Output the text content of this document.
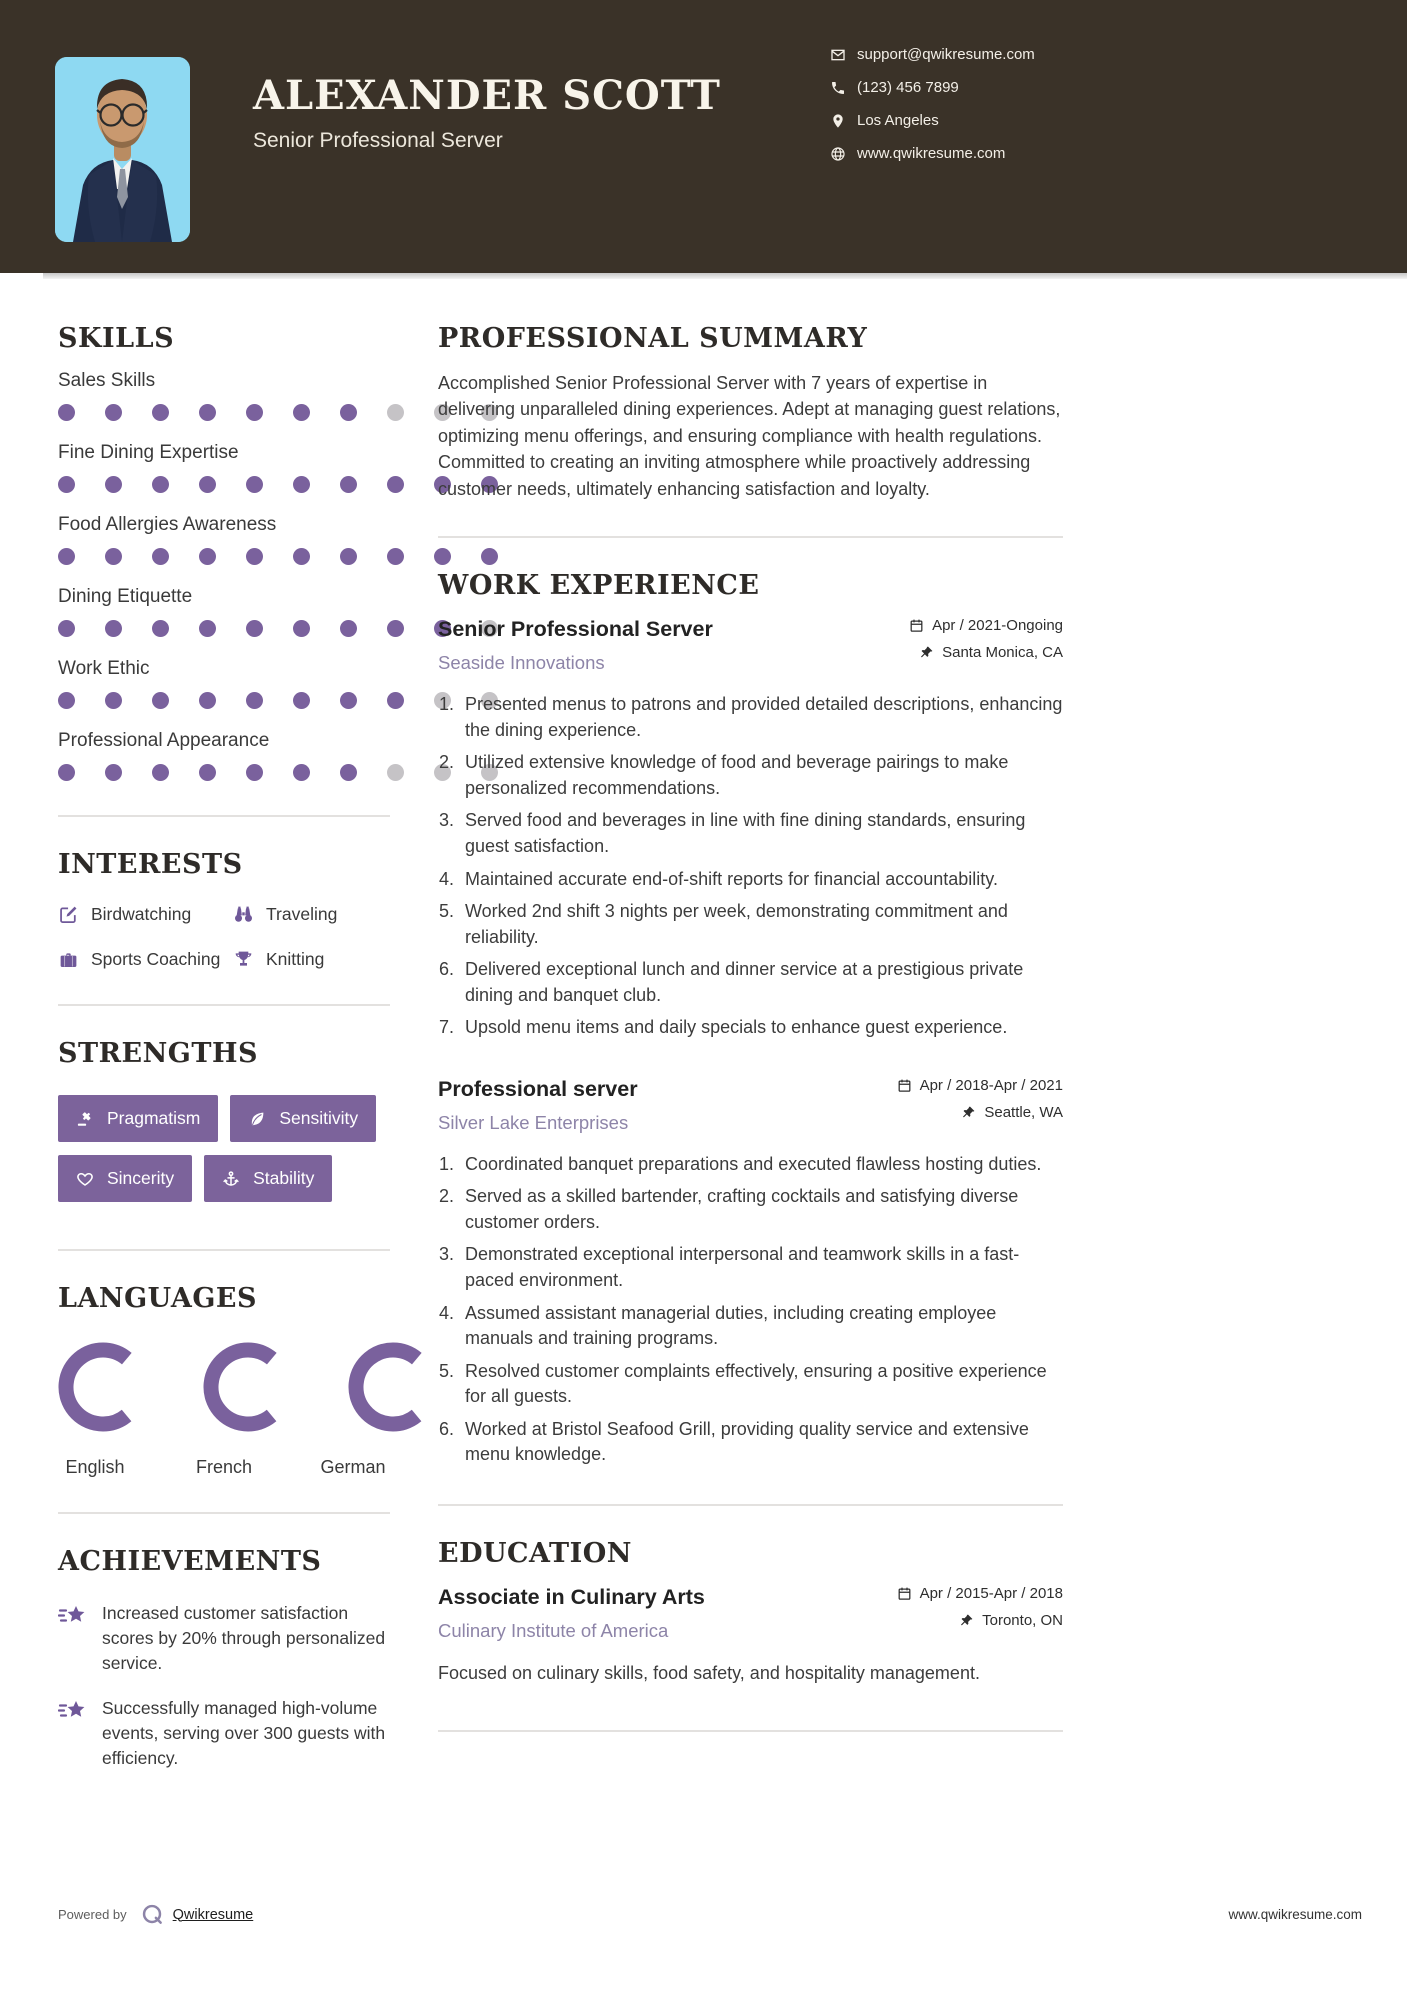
ALEXANDER SCOTT
Senior Professional Server
support@qwikresume.com
(123) 456 7899
Los Angeles
www.qwikresume.com
SKILLS
Sales Skills
Fine Dining Expertise
Food Allergies Awareness
Dining Etiquette
Work Ethic
Professional Appearance
INTERESTS
Birdwatching	Traveling
Sports Coaching	Knitting
STRENGTHS
Pragmatism	Sensitivity
Sincerity	Stability
LANGUAGES
English	French	German
ACHIEVEMENTS
Increased customer satisfaction scores by 20% through personalized service.
Successfully managed high-volume events, serving over 300 guests with efficiency.
PROFESSIONAL SUMMARY

Accomplished Senior Professional Server with 7 years of expertise in delivering unparalleled dining experiences. Adept at managing guest relations, optimizing menu offerings, and ensuring compliance with health regulations. Committed to creating an inviting atmosphere while proactively addressing customer needs, ultimately enhancing satisfaction and loyalty.

WORK EXPERIENCE
Senior Professional Server
Seaside Innovations
Apr / 2021-Ongoing
Santa Monica, CA
Presented menus to patrons and provided detailed descriptions, enhancing the dining experience.
Utilized extensive knowledge of food and beverage pairings to make personalized recommendations.
Served food and beverages in line with fine dining standards, ensuring guest satisfaction.
Maintained accurate end-of-shift reports for financial accountability.
Worked 2nd shift 3 nights per week, demonstrating commitment and reliability.
Delivered exceptional lunch and dinner service at a prestigious private dining and banquet club.
Upsold menu items and daily specials to enhance guest experience.
Professional server
Silver Lake Enterprises
Apr / 2018-Apr / 2021
Seattle, WA
Coordinated banquet preparations and executed flawless hosting duties.
Served as a skilled bartender, crafting cocktails and satisfying diverse customer orders.
Demonstrated exceptional interpersonal and teamwork skills in a fast-paced environment.
Assumed assistant managerial duties, including creating employee manuals and training programs.
Resolved customer complaints effectively, ensuring a positive experience for all guests.
Worked at Bristol Seafood Grill, providing quality service and extensive menu knowledge.
EDUCATION
Associate in Culinary Arts
Culinary Institute of America
Apr / 2015-Apr / 2018
Toronto, ON

Focused on culinary skills, food safety, and hospitality management.

Powered by	Qwikresume	www.qwikresume.com
